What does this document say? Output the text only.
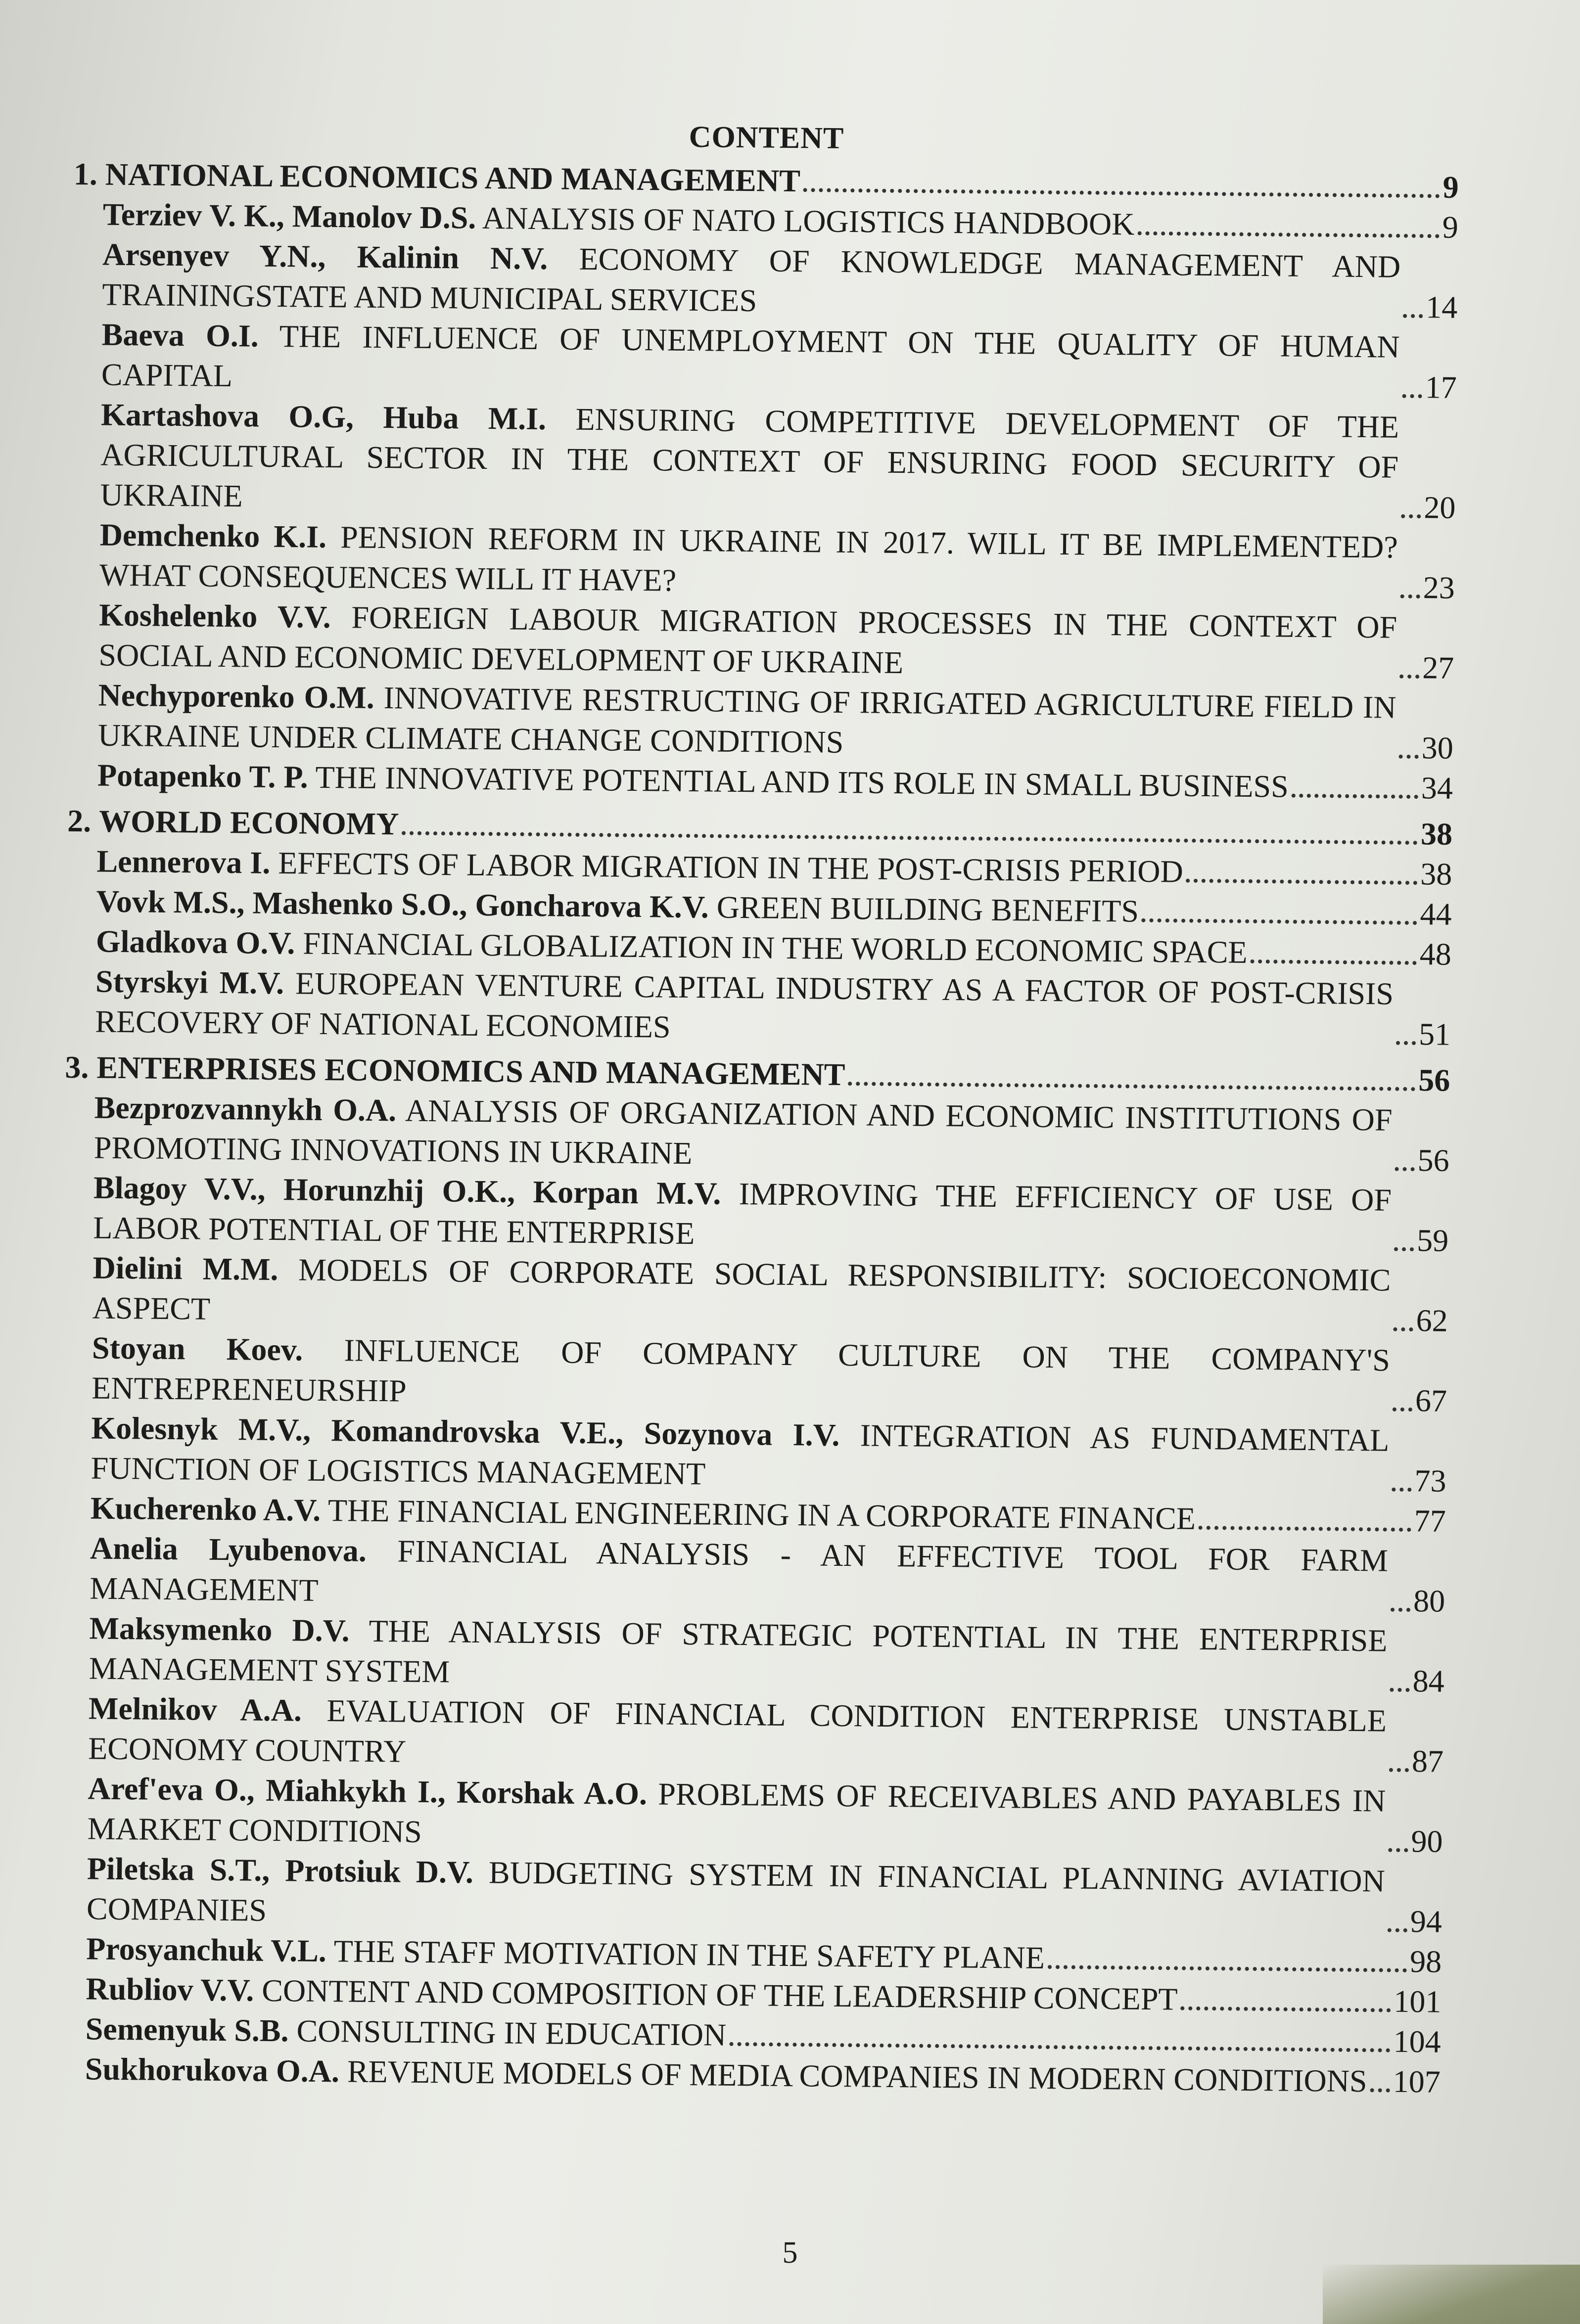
CONTENT
1. NATIONAL ECONOMICS AND MANAGEMENT	9
Terziev V. K., Manolov D.S. ANALYSIS OF NATO LOGISTICS HANDBOOK	9
Arsenyev Y.N., Kalinin N.V. ECONOMY OF KNOWLEDGE MANAGEMENT AND TRAININGSTATE AND MUNICIPAL SERVICES	14
Baeva O.I. THE INFLUENCE OF UNEMPLOYMENT ON THE QUALITY OF HUMAN CAPITAL	17
Kartashova O.G, Huba M.I. ENSURING COMPETITIVE DEVELOPMENT OF THE AGRICULTURAL SECTOR IN THE CONTEXT OF ENSURING FOOD SECURITY OF UKRAINE	20
Demchenko K.I. PENSION REFORM IN UKRAINE IN 2017. WILL IT BE IMPLEMENTED? WHAT CONSEQUENCES WILL IT HAVE?	23
Koshelenko V.V. FOREIGN LABOUR MIGRATION PROCESSES IN THE CONTEXT OF SOCIAL AND ECONOMIC DEVELOPMENT OF UKRAINE	27
Nechyporenko O.M. INNOVATIVE RESTRUCTING OF IRRIGATED AGRICULTURE FIELD IN UKRAINE UNDER CLIMATE CHANGE CONDITIONS	30
Potapenko T. P. THE INNOVATIVE POTENTIAL AND ITS ROLE IN SMALL BUSINESS	34
2. WORLD ECONOMY	38
Lennerova I. EFFECTS OF LABOR MIGRATION IN THE POST-CRISIS PERIOD	38
Vovk M.S., Mashenko S.O., Goncharova K.V. GREEN BUILDING BENEFITS	44
Gladkova O.V. FINANCIAL GLOBALIZATION IN THE WORLD ECONOMIC SPACE	48
Styrskyi M.V. EUROPEAN VENTURE CAPITAL INDUSTRY AS A FACTOR OF POST-CRISIS RECOVERY OF NATIONAL ECONOMIES	51
3. ENTERPRISES ECONOMICS AND MANAGEMENT	56
Bezprozvannykh O.A. ANALYSIS OF ORGANIZATION AND ECONOMIC INSTITUTIONS OF PROMOTING INNOVATIONS IN UKRAINE	56
Blagoy V.V., Horunzhij O.K., Korpan M.V. IMPROVING THE EFFICIENCY OF USE OF LABOR POTENTIAL OF THE ENTERPRISE	59
Dielini M.M. MODELS OF CORPORATE SOCIAL RESPONSIBILITY: SOCIOECONOMIC ASPECT	62
Stoyan Koev. INFLUENCE OF COMPANY CULTURE ON THE COMPANY'S ENTREPRENEURSHIP	67
Kolesnyk M.V., Komandrovska V.E., Sozynova I.V. INTEGRATION AS FUNDAMENTAL FUNCTION OF LOGISTICS MANAGEMENT	73
Kucherenko A.V. THE FINANCIAL ENGINEERING IN A CORPORATE FINANCE	77
Anelia Lyubenova. FINANCIAL ANALYSIS - AN EFFECTIVE TOOL FOR FARM MANAGEMENT	80
Maksymenko D.V. THE ANALYSIS OF STRATEGIC POTENTIAL IN THE ENTERPRISE MANAGEMENT SYSTEM	84
Melnikov A.A. EVALUATION OF FINANCIAL CONDITION ENTERPRISE UNSTABLE ECONOMY COUNTRY	87
Aref'eva O., Miahkykh I., Korshak A.O. PROBLEMS OF RECEIVABLES AND PAYABLES IN MARKET CONDITIONS	90
Piletska S.T., Protsiuk D.V. BUDGETING SYSTEM IN FINANCIAL PLANNING AVIATION COMPANIES	94
Prosyanchuk V.L. THE STAFF MOTIVATION IN THE SAFETY PLANE	98
Rubliov V.V. CONTENT AND COMPOSITION OF THE LEADERSHIP CONCEPT	101
Semenyuk S.B. CONSULTING IN EDUCATION	104
Sukhorukova O.A. REVENUE MODELS OF MEDIA COMPANIES IN MODERN CONDITIONS 107
5
